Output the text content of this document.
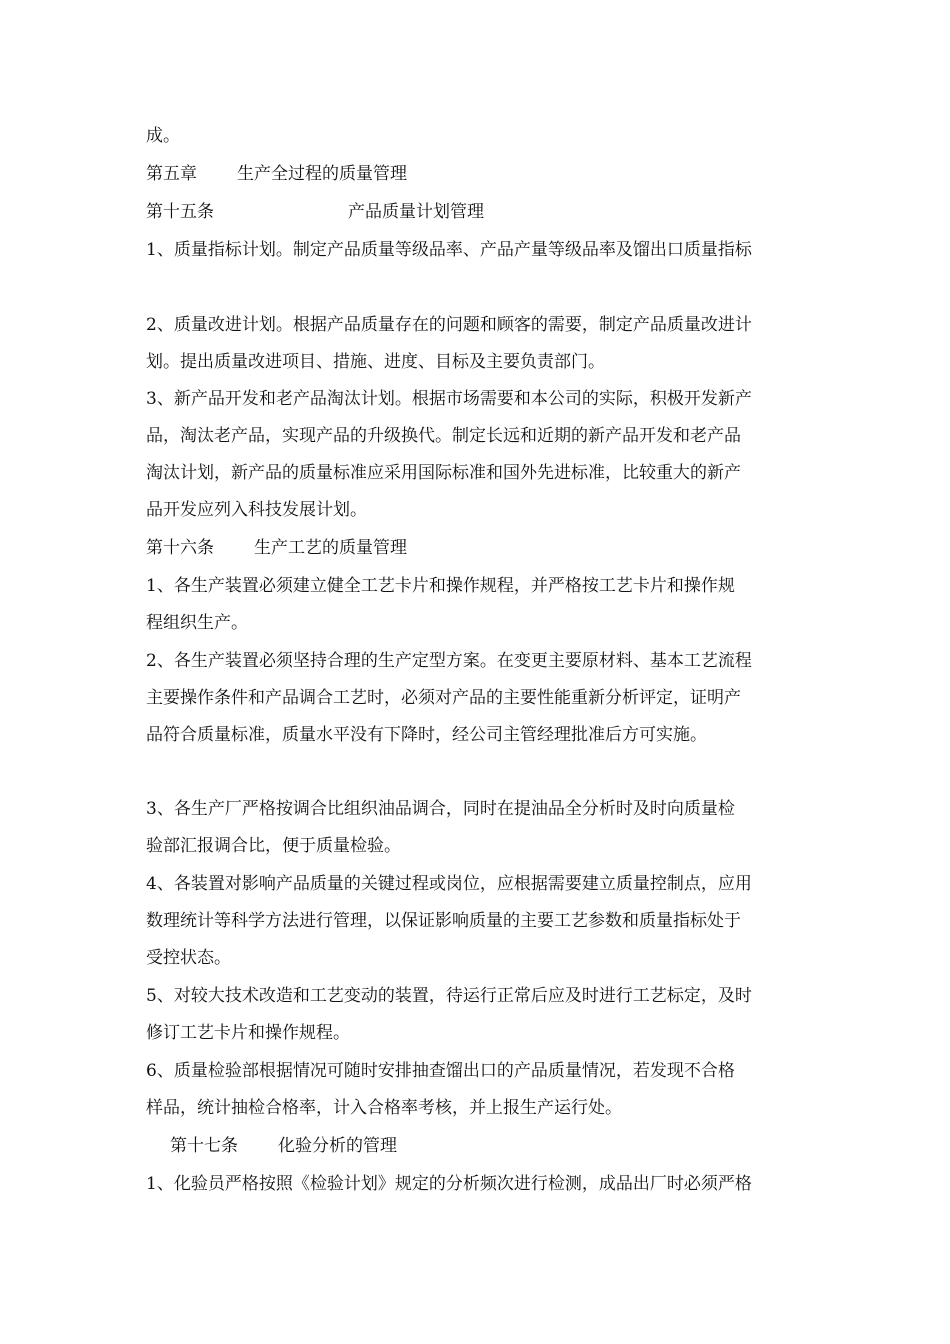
成。
第五章 生产全过程的质量管理
第十五条	产品质量计划管理
1、质量指标计划。制定产品质量等级品率、产品产量等级品率及馏出口质量指标
2、质量改进计划。根据产品质量存在的问题和顾客的需要，制定产品质量改进计
划。提出质量改进项目、措施、进度、目标及主要负责部门。
3、新产品开发和老产品淘汰计划。根据市场需要和本公司的实际，积极开发新产
品，淘汰老产品，实现产品的升级换代。制定长远和近期的新产品开发和老产品
淘汰计划，新产品的质量标准应采用国际标准和国外先进标准，比较重大的新产
品开发应列入科技发展计划。
第十六条 生产工艺的质量管理
1、各生产装置必须建立健全工艺卡片和操作规程，并严格按工艺卡片和操作规
程组织生产。
2、各生产装置必须坚持合理的生产定型方案。在变更主要原材料、基本工艺流程
主要操作条件和产品调合工艺时，必须对产品的主要性能重新分析评定，证明产
品符合质量标准，质量水平没有下降时，经公司主管经理批准后方可实施。
3、各生产厂严格按调合比组织油品调合，同时在提油品全分析时及时向质量检
验部汇报调合比，便于质量检验。
4、各装置对影响产品质量的关键过程或岗位，应根据需要建立质量控制点，应用
数理统计等科学方法进行管理，以保证影响质量的主要工艺参数和质量指标处于
受控状态。
5、对较大技术改造和工艺变动的装置，待运行正常后应及时进行工艺标定，及时
修订工艺卡片和操作规程。
6、质量检验部根据情况可随时安排抽查馏出口的产品质量情况，若发现不合格
样品，统计抽检合格率，计入合格率考核，并上报生产运行处。
第十七条 化验分析的管理
1、化验员严格按照《检验计划》规定的分析频次进行检测，成品出厂时必须严格
